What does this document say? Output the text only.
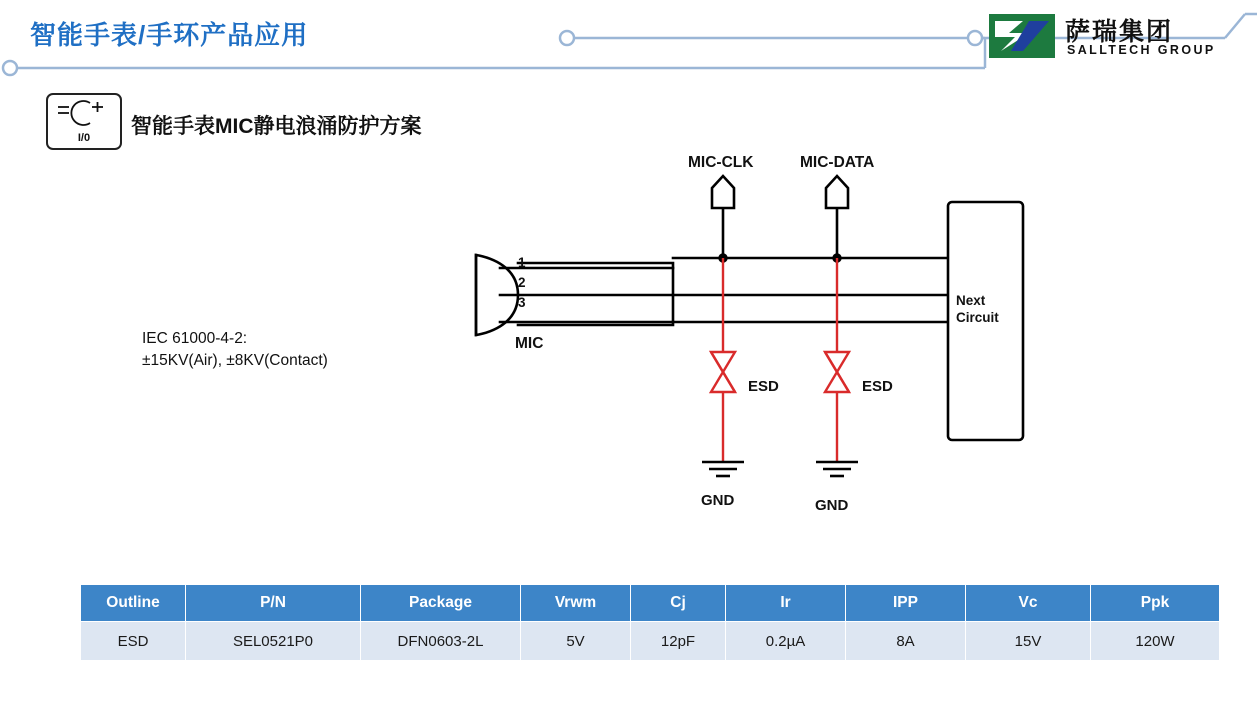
智能手表/手环产品应用	萨瑞集团
SALLTECH GROUP
I/0	智能手表MIC静电浪涌防护方案
IEC 61000-4-2:
±15KV(Air), ±8KV(Contact)
MIC-CLK	MIC-DATA
MIC
1
2
3	Next
Circuit
ESD	ESD
GND	GND
Outline	P/N	Package	Vrwm	Cj	Ir	IPP	Vc	Ppk
ESD	SEL0521P0	DFN0603-2L	5V	12pF	0.2µA	8A	15V	120W
